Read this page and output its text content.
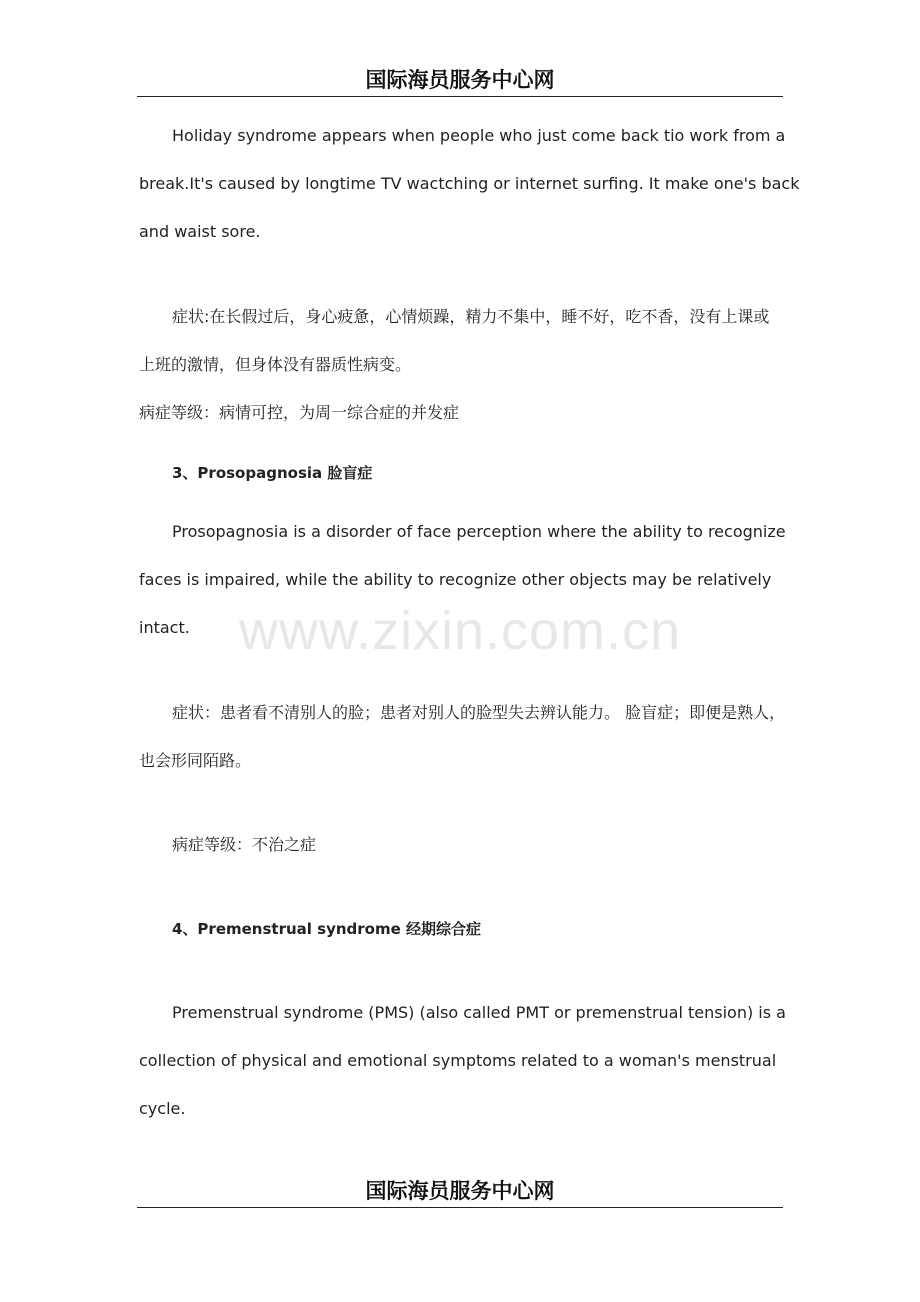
国际海员服务中心网
Holiday syndrome appears when people who just come back tio work from a
break.It's caused by longtime TV wactching or internet surfing. It make one's back
and waist sore.
症状:在长假过后，身心疲惫，心情烦躁，精力不集中，睡不好，吃不香，没有上课或
上班的激情，但身体没有器质性病变。
病症等级：病情可控，为周一综合症的并发症
3、Prosopagnosia 脸盲症
Prosopagnosia is a disorder of face perception where the ability to recognize
faces is impaired, while the ability to recognize other objects may be relatively
intact. www.zixin.com.cn
症状：患者看不清别人的脸；患者对别人的脸型失去辨认能力。 脸盲症；即便是熟人，
也会形同陌路。
病症等级：不治之症
4、Premenstrual syndrome 经期综合症
Premenstrual syndrome (PMS) (also called PMT or premenstrual tension) is a
collection of physical and emotional symptoms related to a woman's menstrual
cycle.
国际海员服务中心网
